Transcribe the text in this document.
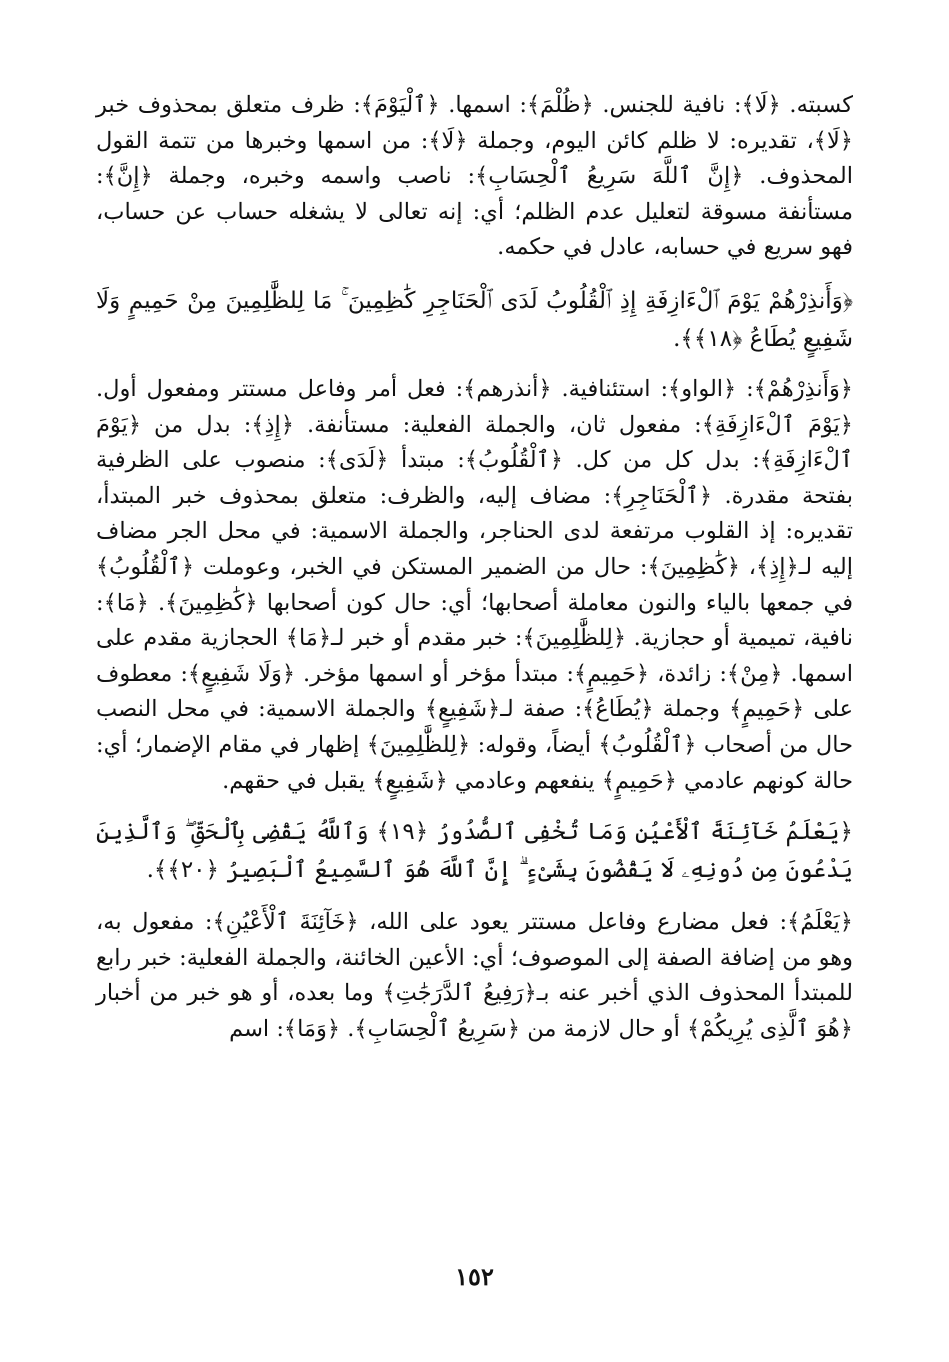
كسبته. ﴿لَا﴾: نافية للجنس. ﴿ظُلْمَ﴾: اسمها. ﴿ٱلْيَوْمَ﴾: ظرف متعلق بمحذوف خبر ﴿لَا﴾، تقديره: لا ظلم كائن اليوم، وجملة ﴿لَا﴾: من اسمها وخبرها من تتمة القول المحذوف. ﴿إِنَّ ٱللَّهَ سَرِيعُ ٱلْحِسَابِ﴾: ناصب واسمه وخبره، وجملة ﴿إِنَّ﴾: مستأنفة مسوقة لتعليل عدم الظلم؛ أي: إنه تعالى لا يشغله حساب عن حساب، فهو سريع في حسابه، عادل في حكمه.

﴿وَأَنذِرْهُمْ يَوْمَ ٱلْءَازِفَةِ إِذِ ٱلْقُلُوبُ لَدَى ٱلْحَنَاجِرِ كَٰظِمِينَ ۚ مَا لِلظَّٰلِمِينَ مِنْ حَمِيمٍ وَلَا شَفِيعٍ يُطَاعُ ﴿١٨﴾﴾.

﴿وَأَنذِرْهُمْ﴾: ﴿الواو﴾: استئنافية. ﴿أنذرهم﴾: فعل أمر وفاعل مستتر ومفعول أول. ﴿يَوْمَ ٱلْءَازِفَةِ﴾: مفعول ثان، والجملة الفعلية: مستأنفة. ﴿إِذِ﴾: بدل من ﴿يَوْمَ ٱلْءَازِفَةِ﴾: بدل كل من كل. ﴿ٱلْقُلُوبُ﴾: مبتدأ ﴿لَدَى﴾: منصوب على الظرفية بفتحة مقدرة. ﴿ٱلْحَنَاجِرِ﴾: مضاف إليه، والظرف: متعلق بمحذوف خبر المبتدأ، تقديره: إذ القلوب مرتفعة لدى الحناجر، والجملة الاسمية: في محل الجر مضاف إليه لـ﴿إِذِ﴾، ﴿كَٰظِمِينَ﴾: حال من الضمير المستكن في الخبر، وعوملت ﴿ٱلْقُلُوبُ﴾ في جمعها بالياء والنون معاملة أصحابها؛ أي: حال كون أصحابها ﴿كَٰظِمِينَ﴾. ﴿مَا﴾: نافية، تميمية أو حجازية. ﴿لِلظَّٰلِمِينَ﴾: خبر مقدم أو خبر لـ﴿مَا﴾ الحجازية مقدم على اسمها. ﴿مِنْ﴾: زائدة، ﴿حَمِيمٍ﴾: مبتدأ مؤخر أو اسمها مؤخر. ﴿وَلَا شَفِيعٍ﴾: معطوف على ﴿حَمِيمٍ﴾ وجملة ﴿يُطَاعُ﴾: صفة لـ﴿شَفِيعٍ﴾ والجملة الاسمية: في محل النصب حال من أصحاب ﴿ٱلْقُلُوبُ﴾ أيضاً، وقوله: ﴿لِلظَّٰلِمِينَ﴾ إظهار في مقام الإضمار؛ أي: حالة كونهم عادمي ﴿حَمِيمٍ﴾ ينفعهم وعادمي ﴿شَفِيعٍ﴾ يقبل في حقهم.

﴿يَعْلَمُ خَآئِنَةَ ٱلْأَعْيُنِ وَمَا تُخْفِى ٱلصُّدُورُ ﴿١٩﴾ وَٱللَّهُ يَقْضِى بِٱلْحَقِّ ۖ وَٱلَّذِينَ يَدْعُونَ مِن دُونِهِۦ لَا يَقْضُونَ بِشَىْءٍ ۗ إِنَّ ٱللَّهَ هُوَ ٱلسَّمِيعُ ٱلْبَصِيرُ ﴿٢٠﴾﴾.

﴿يَعْلَمُ﴾: فعل مضارع وفاعل مستتر يعود على الله، ﴿خَآئِنَةَ ٱلْأَعْيُنِ﴾: مفعول به، وهو من إضافة الصفة إلى الموصوف؛ أي: الأعين الخائنة، والجملة الفعلية: خبر رابع للمبتدأ المحذوف الذي أخبر عنه بـ﴿رَفِيعُ ٱلدَّرَجَٰتِ﴾ وما بعده، أو هو خبر من أخبار ﴿هُوَ ٱلَّذِى يُرِيكُمْ﴾ أو حال لازمة من ﴿سَرِيعُ ٱلْحِسَابِ﴾. ﴿وَمَا﴾: اسم

١٥٢
